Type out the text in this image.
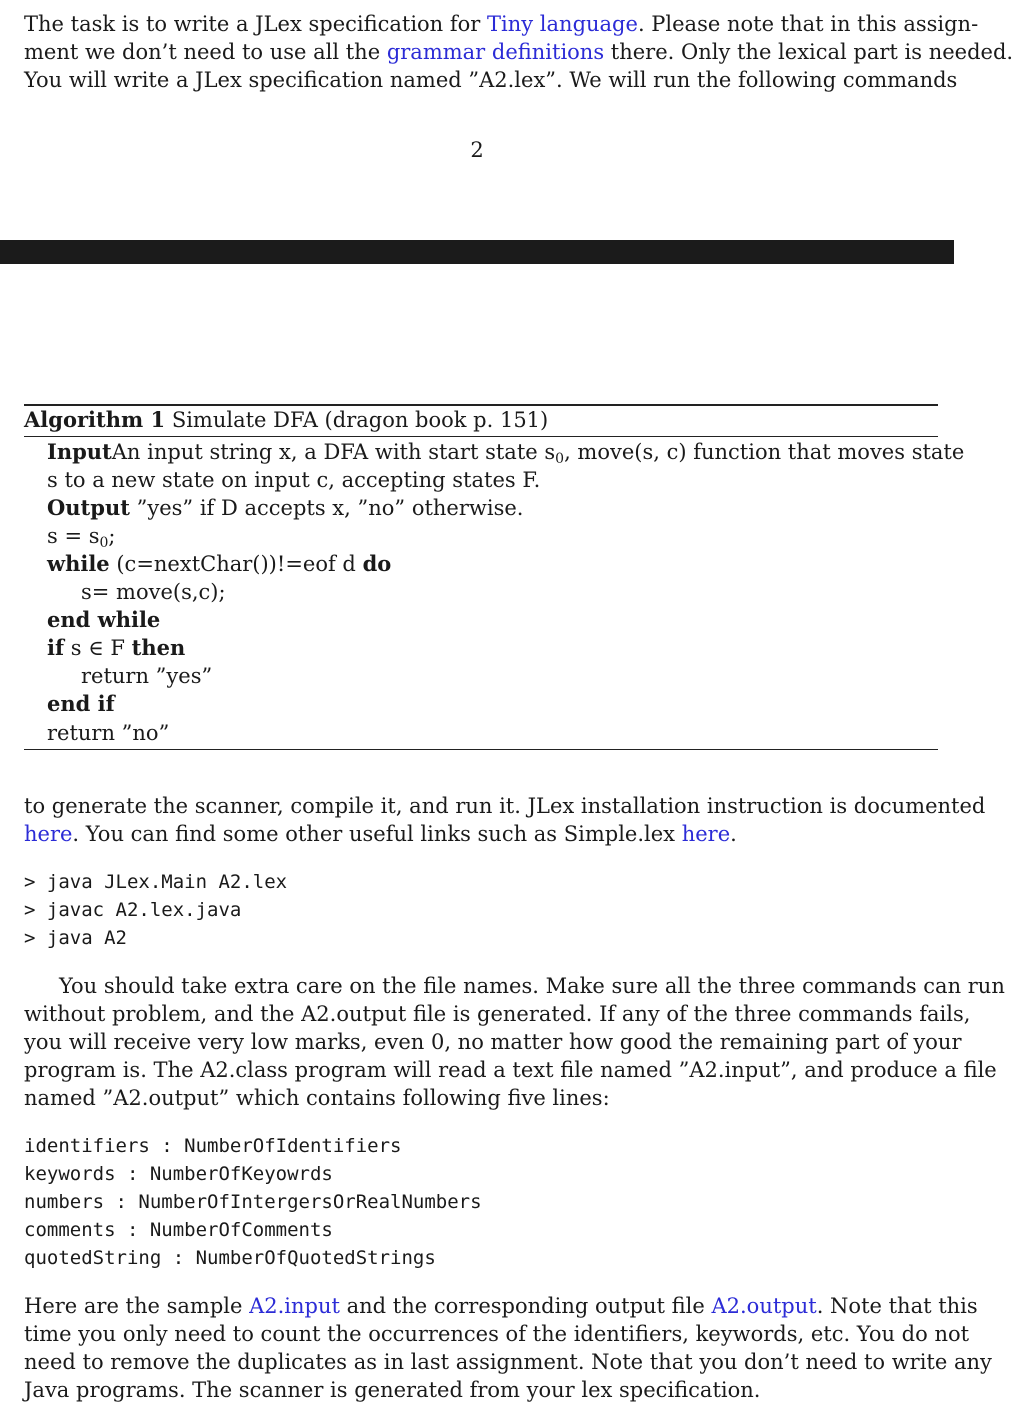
The task is to write a JLex specification for Tiny language. Please note that in this assign-
ment we don’t need to use all the grammar definitions there. Only the lexical part is needed.
You will write a JLex specification named ”A2.lex”. We will run the following commands
2
Algorithm 1 Simulate DFA (dragon book p. 151)
Input An input string x, a DFA with start state $s_0$, move(s, c) function that moves state
s to a new state on input c, accepting states F.
Output ”yes” if D accepts x, ”no” otherwise.
$s = s_0$;
while (c=nextChar())!=eof d do
s= move(s,c);
end while
if s ∈ F then
return ”yes”
end if
return ”no”
to generate the scanner, compile it, and run it. JLex installation instruction is documented
here. You can find some other useful links such as Simple.lex here.
> java JLex.Main A2.lex
> javac A2.lex.java
> java A2
You should take extra care on the file names. Make sure all the three commands can run
without problem, and the A2.output file is generated. If any of the three commands fails,
you will receive very low marks, even 0, no matter how good the remaining part of your
program is. The A2.class program will read a text file named ”A2.input”, and produce a file
named ”A2.output” which contains following five lines:
identifiers : NumberOfIdentifiers
keywords : NumberOfKeyowrds
numbers : NumberOfIntergersOrRealNumbers
comments : NumberOfComments
quotedString : NumberOfQuotedStrings
Here are the sample A2.input and the corresponding output file A2.output. Note that this
time you only need to count the occurrences of the identifiers, keywords, etc. You do not
need to remove the duplicates as in last assignment. Note that you don’t need to write any
Java programs. The scanner is generated from your lex specification.
